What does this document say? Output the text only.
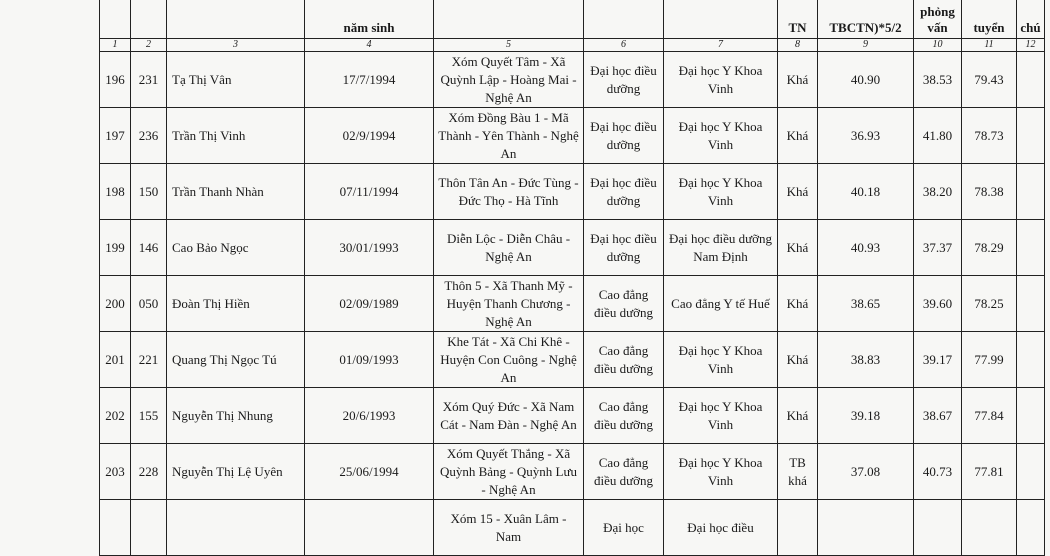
			năm sinh				TN	TBCTN)*5/2	phỏng vấn	tuyển	chú
1	2	3	4	5	6	7	8	9	10	11	12
196	231	Tạ Thị Vân	17/7/1994	Xóm Quyết Tâm - Xã Quỳnh Lập - Hoàng Mai - Nghệ An	Đại học điều dưỡng	Đại học Y Khoa Vinh	Khá	40.90	38.53	79.43	
197	236	Trần Thị Vinh	02/9/1994	Xóm Đồng Bàu 1 - Mã Thành - Yên Thành - Nghệ An	Đại học điều dưỡng	Đại học Y Khoa Vinh	Khá	36.93	41.80	78.73	
198	150	Trần Thanh Nhàn	07/11/1994	Thôn Tân An - Đức Tùng - Đức Thọ - Hà Tĩnh	Đại học điều dưỡng	Đại học Y Khoa Vinh	Khá	40.18	38.20	78.38	
199	146	Cao Bảo Ngọc	30/01/1993	Diễn Lộc - Diễn Châu - Nghệ An	Đại học điều dưỡng	Đại học điều dưỡng Nam Định	Khá	40.93	37.37	78.29	
200	050	Đoàn Thị Hiền	02/09/1989	Thôn 5 - Xã Thanh Mỹ - Huyện Thanh Chương - Nghệ An	Cao đẳng điều dưỡng	Cao đẳng Y tế Huế	Khá	38.65	39.60	78.25	
201	221	Quang Thị Ngọc Tú	01/09/1993	Khe Tát - Xã Chi Khê - Huyện Con Cuông - Nghệ An	Cao đẳng điều dưỡng	Đại học Y Khoa Vinh	Khá	38.83	39.17	77.99	
202	155	Nguyễn Thị Nhung	20/6/1993	Xóm Quý Đức - Xã Nam Cát - Nam Đàn - Nghệ An	Cao đẳng điều dưỡng	Đại học Y Khoa Vinh	Khá	39.18	38.67	77.84	
203	228	Nguyễn Thị Lệ Uyên	25/06/1994	Xóm Quyết Thắng - Xã Quỳnh Bảng - Quỳnh Lưu - Nghệ An	Cao đẳng điều dưỡng	Đại học Y Khoa Vinh	TB khá	37.08	40.73	77.81	
				Xóm 15 - Xuân Lâm - Nam	Đại học	Đại học điều					
